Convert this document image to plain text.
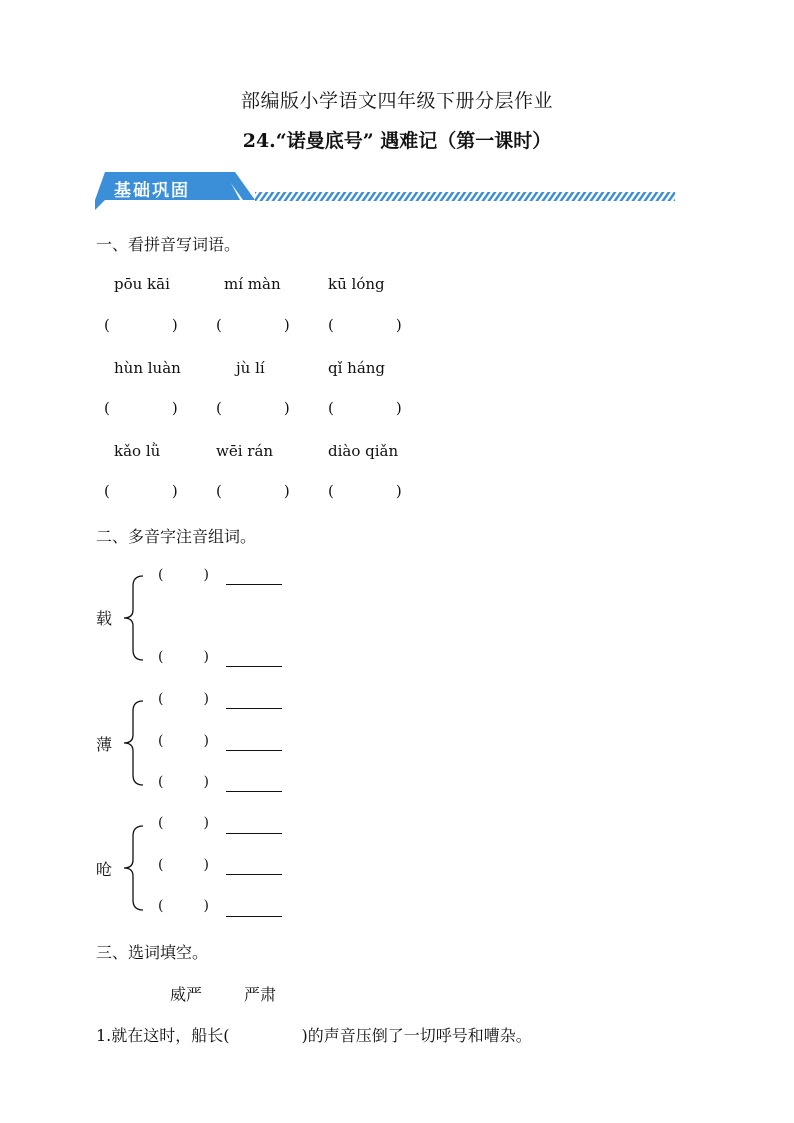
部编版小学语文四年级下册分层作业
24.“诺曼底号” 遇难记（第一课时）
基础巩固
一、看拼音写词语。
pōu kāi	mí màn	kū lóng
(	)	(	)	(	)
hùn luàn	jù lí	qǐ háng
(	)	(	)	(	)
kǎo lǜ	wēi rán	diào qiǎn
(	)	(	)	(	)
二、多音字注音组词。
载
(	)
(	)
薄
(	)
(	)
(	)
呛
(	)
(	)
(	)
三、选词填空。
威严	严肃
1.就在这时，船长(	)的声音压倒了一切呼号和嘈杂。
